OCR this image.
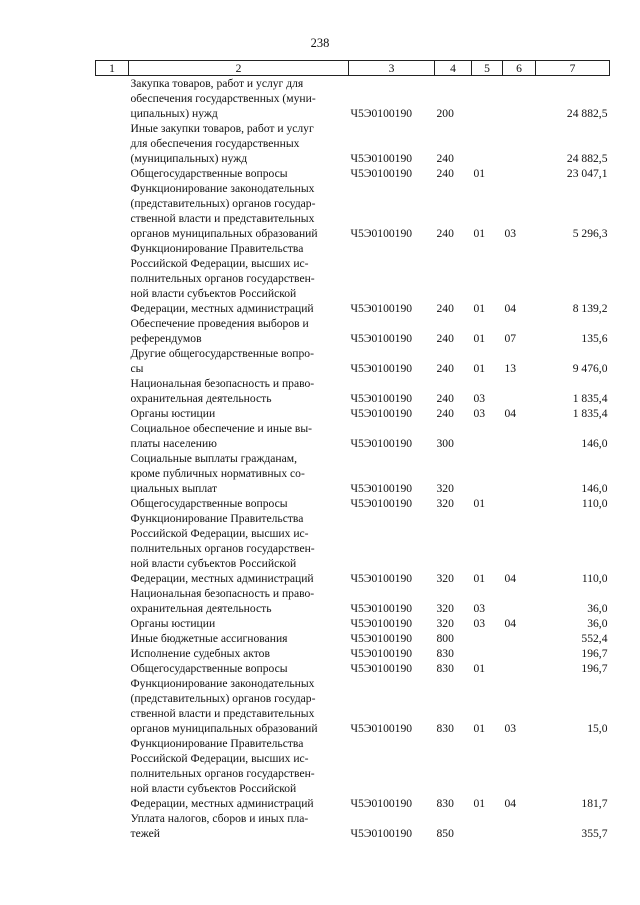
238
1	2	3	4	5	6	7

	Закупка товаров, работ и услуг для
обеспечения государственных (муни-
ципальных) нужд	Ч5Э0100190	200			24 882,5

	Иные закупки товаров, работ и услуг
для обеспечения государственных
(муниципальных) нужд	Ч5Э0100190	240			24 882,5

	Общегосударственные вопросы	Ч5Э0100190	240	01		23 047,1

	Функционирование законодательных
(представительных) органов государ-
ственной власти и представительных
органов муниципальных образований	Ч5Э0100190	240	01	03	5 296,3

	Функционирование Правительства
Российской Федерации, высших ис-
полнительных органов государствен-
ной власти субъектов Российской
Федерации, местных администраций	Ч5Э0100190	240	01	04	8 139,2

	Обеспечение проведения выборов и
референдумов	Ч5Э0100190	240	01	07	135,6

	Другие общегосударственные вопро-
сы	Ч5Э0100190	240	01	13	9 476,0

	Национальная безопасность и право-
охранительная деятельность	Ч5Э0100190	240	03		1 835,4

	Органы юстиции	Ч5Э0100190	240	03	04	1 835,4

	Социальное обеспечение и иные вы-
платы населению	Ч5Э0100190	300			146,0

	Социальные выплаты гражданам,
кроме публичных нормативных со-
циальных выплат	Ч5Э0100190	320			146,0

	Общегосударственные вопросы	Ч5Э0100190	320	01		110,0

	Функционирование Правительства
Российской Федерации, высших ис-
полнительных органов государствен-
ной власти субъектов Российской
Федерации, местных администраций	Ч5Э0100190	320	01	04	110,0

	Национальная безопасность и право-
охранительная деятельность	Ч5Э0100190	320	03		36,0

	Органы юстиции	Ч5Э0100190	320	03	04	36,0

	Иные бюджетные ассигнования	Ч5Э0100190	800			552,4

	Исполнение судебных актов	Ч5Э0100190	830			196,7

	Общегосударственные вопросы	Ч5Э0100190	830	01		196,7

	Функционирование законодательных
(представительных) органов государ-
ственной власти и представительных
органов муниципальных образований	Ч5Э0100190	830	01	03	15,0

	Функционирование Правительства
Российской Федерации, высших ис-
полнительных органов государствен-
ной власти субъектов Российской
Федерации, местных администраций	Ч5Э0100190	830	01	04	181,7

	Уплата налогов, сборов и иных пла-
тежей	Ч5Э0100190	850			355,7
